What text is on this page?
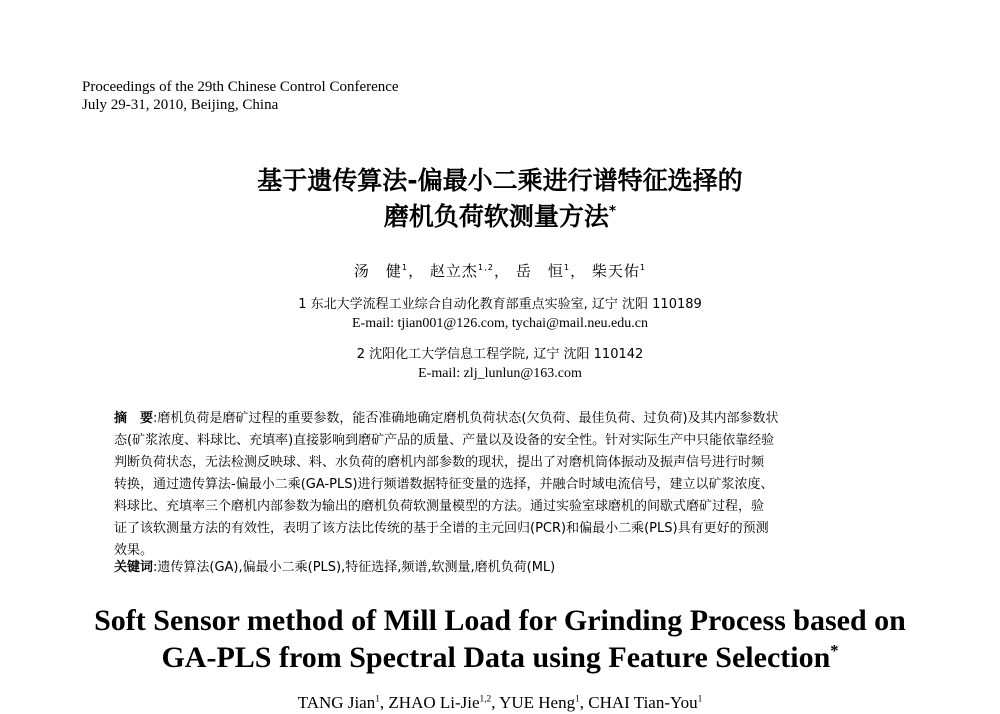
Proceedings of the 29th Chinese Control Conference
July 29-31, 2010, Beijing, China
基于遗传算法-偏最小二乘进行谱特征选择的
磨机负荷软测量方法*
汤　健$^1$， 赵立杰$^{1,2}$， 岳　恒$^1$， 柴天佑$^1$
1 东北大学流程工业综合自动化教育部重点实验室, 辽宁 沈阳 110189
E-mail: tjian001@126.com, tychai@mail.neu.edu.cn
2 沈阳化工大学信息工程学院, 辽宁 沈阳 110142
E-mail: zlj_lunlun@163.com
摘　要:磨机负荷是磨矿过程的重要参数，能否准确地确定磨机负荷状态(欠负荷、最佳负荷、过负荷)及其内部参数状
态(矿浆浓度、料球比、充填率)直接影响到磨矿产品的质量、产量以及设备的安全性。针对实际生产中只能依靠经验
判断负荷状态，无法检测反映球、料、水负荷的磨机内部参数的现状，提出了对磨机筒体振动及振声信号进行时频
转换，通过遗传算法-偏最小二乘(GA-PLS)进行频谱数据特征变量的选择，并融合时域电流信号，建立以矿浆浓度、
料球比、充填率三个磨机内部参数为输出的磨机负荷软测量模型的方法。通过实验室球磨机的间歇式磨矿过程，验
证了该软测量方法的有效性，表明了该方法比传统的基于全谱的主元回归(PCR)和偏最小二乘(PLS)具有更好的预测
效果。
关键词:遗传算法(GA),偏最小二乘(PLS),特征选择,频谱,软测量,磨机负荷(ML)
Soft Sensor method of Mill Load for Grinding Process based on
GA-PLS from Spectral Data using Feature Selection*
TANG Jian$^1$, ZHAO Li-Jie$^{1,2}$, YUE Heng$^1$, CHAI Tian-You$^1$
